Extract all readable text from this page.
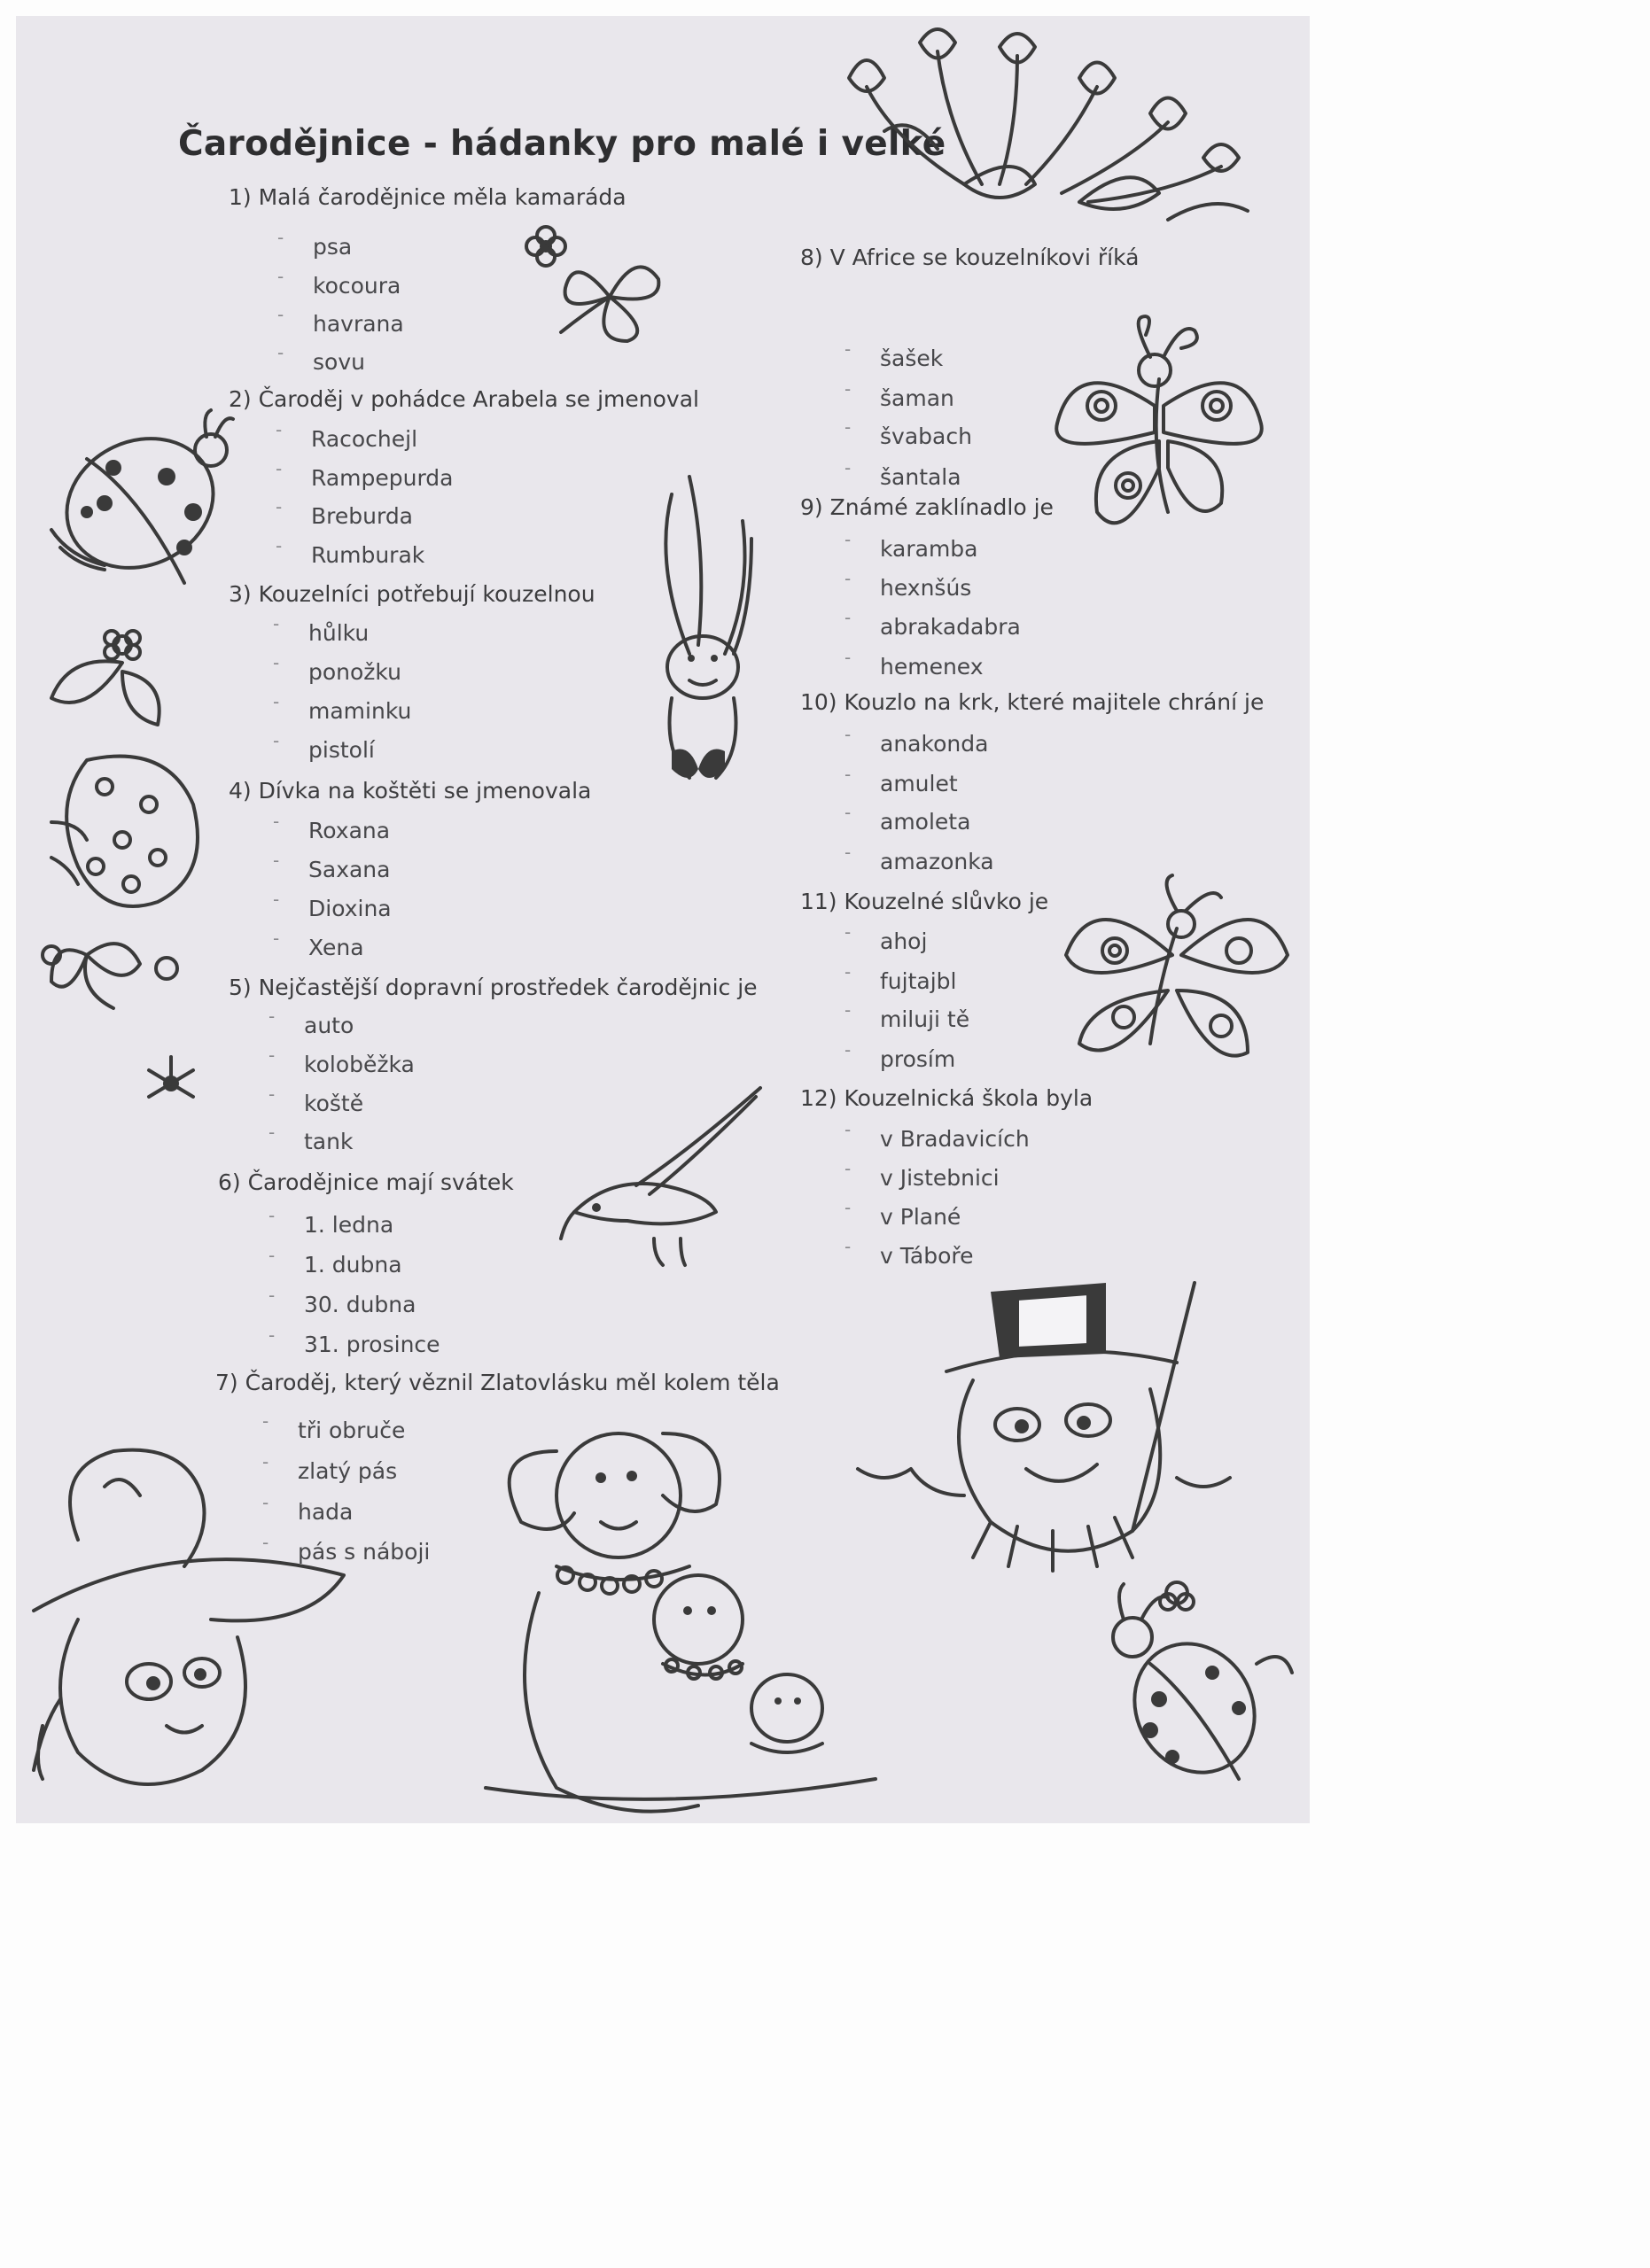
Čarodějnice - hádanky pro malé i velké
1) Malá čarodějnice měla kamaráda
- psa
- kocoura
- havrana
- sovu
2) Čaroděj v pohádce Arabela se jmenoval
- Racochejl
- Rampepurda
- Breburda
- Rumburak
3) Kouzelníci potřebují kouzelnou
- hůlku
- ponožku
- maminku
- pistolí
4) Dívka na koštěti se jmenovala
- Roxana
- Saxana
- Dioxina
- Xena
5) Nejčastější dopravní prostředek čarodějnic je
- auto
- koloběžka
- koště
- tank
6) Čarodějnice mají svátek
- 1. ledna
- 1. dubna
- 30. dubna
- 31. prosince
7) Čaroděj, který věznil Zlatovlásku měl kolem těla
- tři obruče
- zlatý pás
- hada
- pás s náboji
8) V Africe se kouzelníkovi říká
- šašek
- šaman
- švabach
- šantala
9) Známé zaklínadlo je
- karamba
- hexnšús
- abrakadabra
- hemenex
10) Kouzlo na krk, které majitele chrání je
- anakonda
- amulet
- amoleta
- amazonka
11) Kouzelné slůvko je
- ahoj
- fujtajbl
- miluji tě
- prosím
12) Kouzelnická škola byla
- v Bradavicích
- v Jistebnici
- v Plané
- v Táboře
